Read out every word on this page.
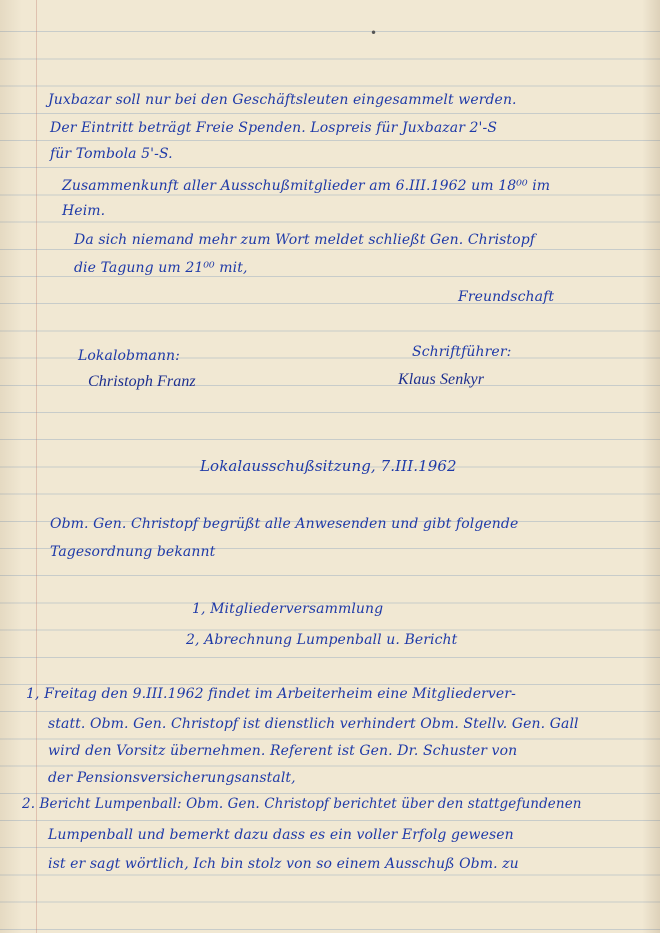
•
Juxbazar soll nur bei den Geschäftsleuten eingesammelt werden.
Der Eintritt beträgt Freie Spenden. Lospreis für Juxbazar 2'-S
für Tombola 5'-S.
Zusammenkunft aller Ausschußmitglieder am 6.III.1962 um 18⁰⁰ im
Heim.
Da sich niemand mehr zum Wort meldet schließt Gen. Christopf
die Tagung um 21⁰⁰ mit,
Freundschaft
Lokalobmann:	Schriftführer:
Christoph Franz	Klaus Senkyr
Lokalausschußsitzung, 7.III.1962
Obm. Gen. Christopf begrüßt alle Anwesenden und gibt folgende
Tagesordnung bekannt
1, Mitgliederversammlung
2, Abrechnung Lumpenball u. Bericht
1, Freitag den 9.III.1962 findet im Arbeiterheim eine Mitgliederver-
statt. Obm. Gen. Christopf ist dienstlich verhindert Obm. Stellv. Gen. Gall
wird den Vorsitz übernehmen. Referent ist Gen. Dr. Schuster von
der Pensionsversicherungsanstalt,
2. Bericht Lumpenball: Obm. Gen. Christopf berichtet über den stattgefundenen
Lumpenball und bemerkt dazu dass es ein voller Erfolg gewesen
ist er sagt wörtlich, Ich bin stolz von so einem Ausschuß Obm. zu
